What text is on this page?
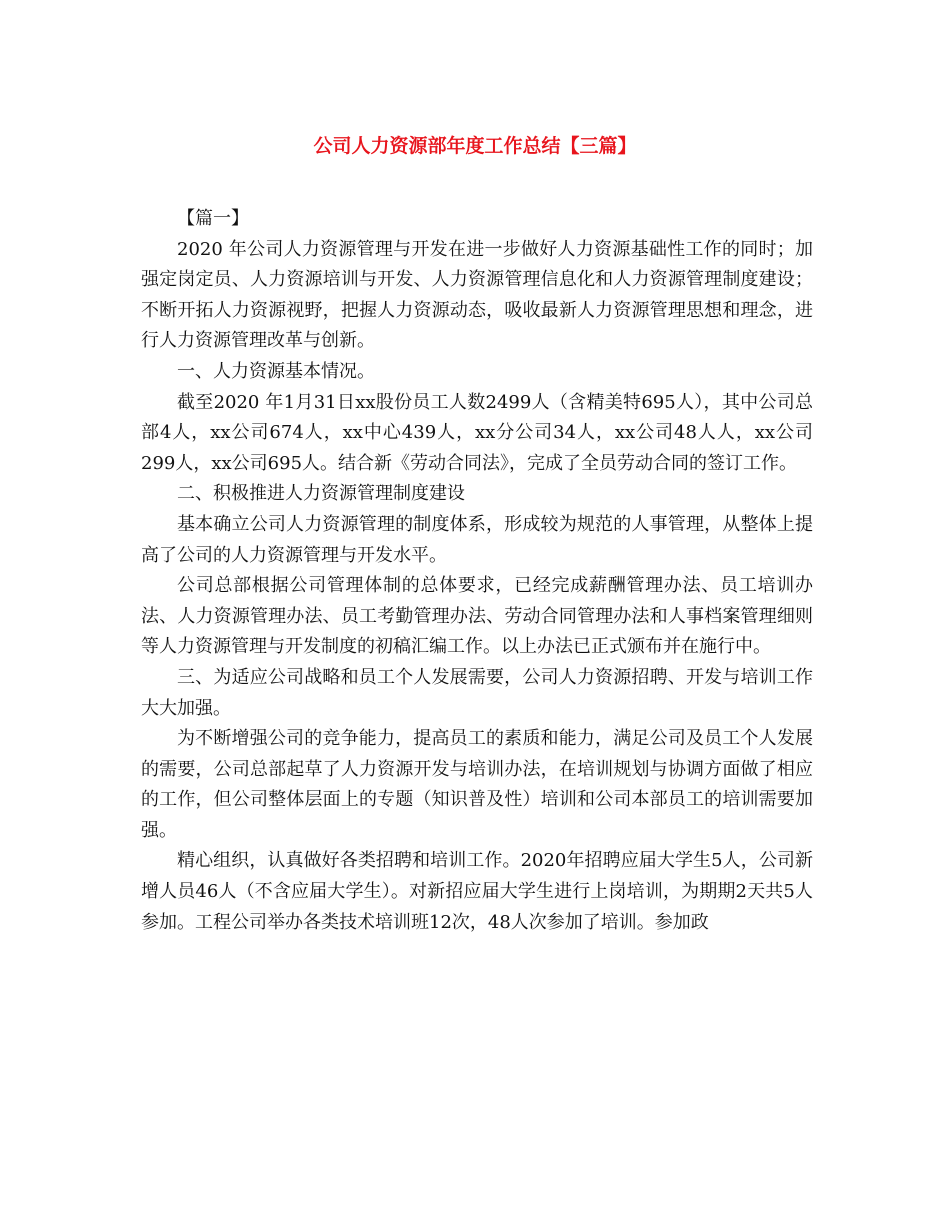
公司人力资源部年度工作总结【三篇】

【篇一】

2020 年公司人力资源管理与开发在进一步做好人力资源基础性工作的同时；加强定岗定员、人力资源培训与开发、人力资源管理信息化和人力资源管理制度建设；不断开拓人力资源视野，把握人力资源动态，吸收最新人力资源管理思想和理念，进行人力资源管理改革与创新。

一、人力资源基本情况。

截至2020 年1月31日xx股份员工人数2499人（含精美特695人），其中公司总部4人，xx公司674人，xx中心439人，xx分公司34人，xx公司48人人，xx公司299人，xx公司695人。结合新《劳动合同法》，完成了全员劳动合同的签订工作。

二、积极推进人力资源管理制度建设

基本确立公司人力资源管理的制度体系，形成较为规范的人事管理，从整体上提高了公司的人力资源管理与开发水平。

公司总部根据公司管理体制的总体要求，已经完成薪酬管理办法、员工培训办法、人力资源管理办法、员工考勤管理办法、劳动合同管理办法和人事档案管理细则等人力资源管理与开发制度的初稿汇编工作。以上办法已正式颁布并在施行中。

三、为适应公司战略和员工个人发展需要，公司人力资源招聘、开发与培训工作大大加强。

为不断增强公司的竞争能力，提高员工的素质和能力，满足公司及员工个人发展的需要，公司总部起草了人力资源开发与培训办法，在培训规划与协调方面做了相应的工作，但公司整体层面上的专题（知识普及性）培训和公司本部员工的培训需要加强。

精心组织，认真做好各类招聘和培训工作。2020年招聘应届大学生5人，公司新增人员46人（不含应届大学生）。对新招应届大学生进行上岗培训，为期期2天共5人参加。工程公司举办各类技术培训班12次，48人次参加了培训。参加政
